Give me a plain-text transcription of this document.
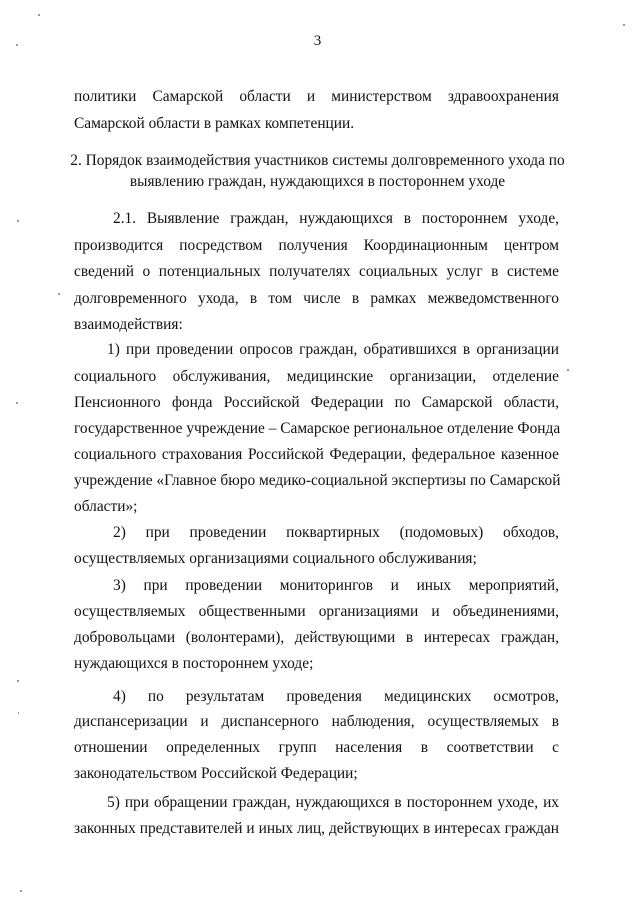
3
политики Самарской области и министерством здравоохранения
Самарской области в рамках компетенции.
2. Порядок взаимодействия участников системы долговременного ухода по
выявлению граждан, нуждающихся в постороннем уходе
2.1. Выявление граждан, нуждающихся в постороннем уходе,
производится посредством получения Координационным центром
сведений о потенциальных получателях социальных услуг в системе
долговременного ухода, в том числе в рамках межведомственного
взаимодействия:
1) при проведении опросов граждан, обратившихся в организации
социального обслуживания, медицинские организации, отделение
Пенсионного фонда Российской Федерации по Самарской области,
государственное учреждение – Самарское региональное отделение Фонда
социального страхования Российской Федерации, федеральное казенное
учреждение «Главное бюро медико-социальной экспертизы по Самарской
области»;
2) при проведении поквартирных (подомовых) обходов,
осуществляемых организациями социального обслуживания;
3) при проведении мониторингов и иных мероприятий,
осуществляемых общественными организациями и объединениями,
добровольцами (волонтерами), действующими в интересах граждан,
нуждающихся в постороннем уходе;
4) по результатам проведения медицинских осмотров,
диспансеризации и диспансерного наблюдения, осуществляемых в
отношении определенных групп населения в соответствии с
законодательством Российской Федерации;
5) при обращении граждан, нуждающихся в постороннем уходе, их
законных представителей и иных лиц, действующих в интересах граждан
